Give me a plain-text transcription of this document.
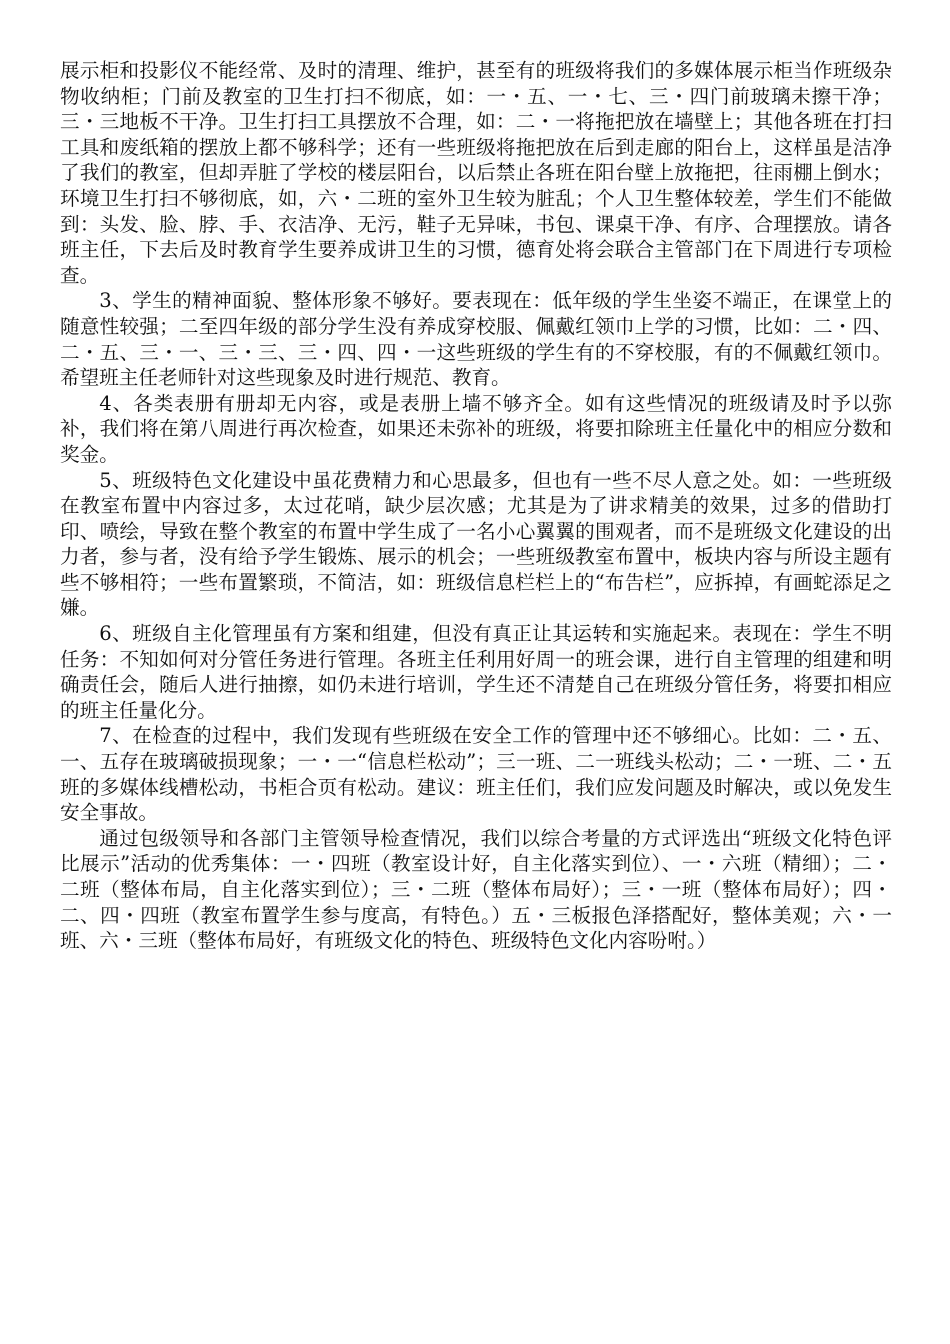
展示柜和投影仪不能经常、及时的清理、维护，甚至有的班级将我们的多媒体展示柜当作班级杂物收纳柜；门前及教室的卫生打扫不彻底，如：一・五、一・七、三・四门前玻璃未擦干净；三・三地板不干净。卫生打扫工具摆放不合理，如：二・一将拖把放在墙壁上；其他各班在打扫工具和废纸箱的摆放上都不够科学；还有一些班级将拖把放在后到走廊的阳台上，这样虽是洁净了我们的教室，但却弄脏了学校的楼层阳台，以后禁止各班在阳台壁上放拖把，往雨棚上倒水；环境卫生打扫不够彻底，如，六・二班的室外卫生较为脏乱；个人卫生整体较差，学生们不能做到：头发、脸、脖、手、衣洁净、无污，鞋子无异味，书包、课桌干净、有序、合理摆放。请各班主任，下去后及时教育学生要养成讲卫生的习惯，德育处将会联合主管部门在下周进行专项检查。

3、学生的精神面貌、整体形象不够好。要表现在：低年级的学生坐姿不端正，在课堂上的随意性较强；二至四年级的部分学生没有养成穿校服、佩戴红领巾上学的习惯，比如：二・四、二・五、三・一、三・三、三・四、四・一这些班级的学生有的不穿校服，有的不佩戴红领巾。希望班主任老师针对这些现象及时进行规范、教育。

4、各类表册有册却无内容，或是表册上墙不够齐全。如有这些情况的班级请及时予以弥补，我们将在第八周进行再次检查，如果还未弥补的班级，将要扣除班主任量化中的相应分数和奖金。

5、班级特色文化建设中虽花费精力和心思最多，但也有一些不尽人意之处。如：一些班级在教室布置中内容过多，太过花哨，缺少层次感；尤其是为了讲求精美的效果，过多的借助打印、喷绘，导致在整个教室的布置中学生成了一名小心翼翼的围观者，而不是班级文化建设的出力者，参与者，没有给予学生锻炼、展示的机会；一些班级教室布置中，板块内容与所设主题有些不够相符；一些布置繁琐，不简洁，如：班级信息栏栏上的“布告栏”，应拆掉，有画蛇添足之嫌。

6、班级自主化管理虽有方案和组建，但没有真正让其运转和实施起来。表现在：学生不明任务：不知如何对分管任务进行管理。各班主任利用好周一的班会课，进行自主管理的组建和明确责任会，随后人进行抽擦，如仍未进行培训，学生还不清楚自己在班级分管任务，将要扣相应的班主任量化分。

7、在检查的过程中，我们发现有些班级在安全工作的管理中还不够细心。比如：二・五、一、五存在玻璃破损现象；一・一“信息栏松动”；三一班、二一班线头松动；二・一班、二・五班的多媒体线槽松动，书柜合页有松动。建议：班主任们，我们应发问题及时解决，或以免发生安全事故。

通过包级领导和各部门主管领导检查情况，我们以综合考量的方式评选出“班级文化特色评比展示”活动的优秀集体：一・四班（教室设计好，自主化落实到位）、一・六班（精细）；二・二班（整体布局，自主化落实到位）；三・二班（整体布局好）；三・一班（整体布局好）；四・二、四・四班（教室布置学生参与度高，有特色。）五・三板报色泽搭配好，整体美观；六・一班、六・三班（整体布局好，有班级文化的特色、班级特色文化内容吩咐。）
